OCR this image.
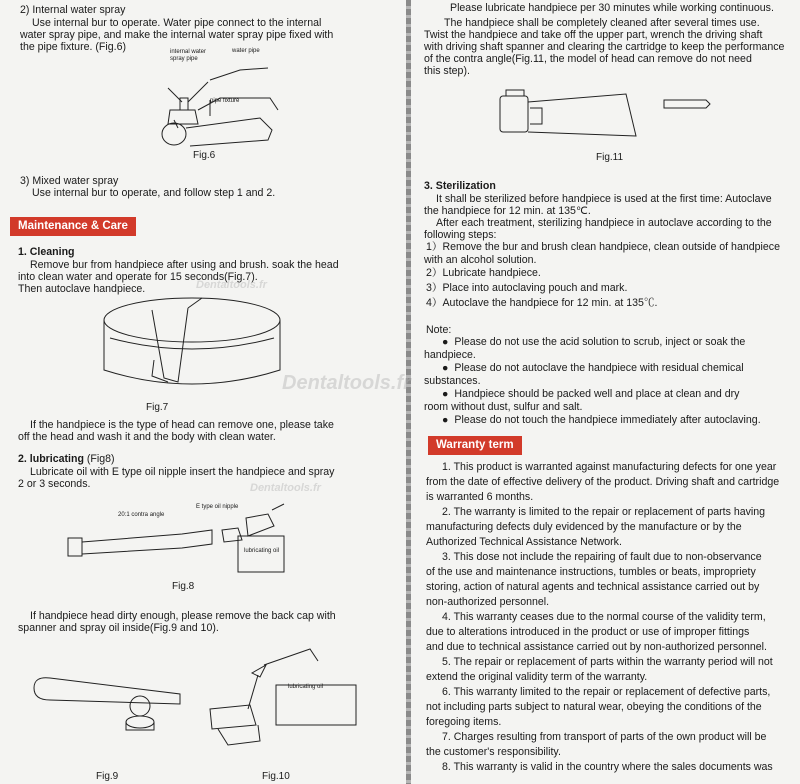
2) Internal water spray
Use internal bur to operate. Water pipe connect to the internal
water spray pipe, and make the internal water spray pipe fixed with
the pipe fixture. (Fig.6)	internal water
spray pipe
water pipe
pipe fixture
Fig.6
3) Mixed water spray
Use internal bur to operate, and follow step 1 and 2.
Maintenance & Care
1. Cleaning
Remove bur from handpiece after using and brush. soak the head
into clean water and operate for 15 seconds(Fig.7).
Then autoclave handpiece.
Fig.7
If the handpiece is the type of head can remove one, please take
off the head and wash it and the body with clean water.
2. lubricating (Fig8)
Lubricate oil with E type oil nipple insert the handpiece and spray
2 or 3 seconds.
20:1 contra angle
E type oil nipple
lubricating oil
Fig.8
If handpiece head dirty enough, please remove the back cap with
spanner and spray oil inside(Fig.9 and 10).
lubricating oil
Fig.9	Fig.10
Dentaltools.fr
Please lubricate handpiece per 30 minutes while working continuous.
The handpiece shall be completely cleaned after several times use.
Twist the handpiece and take off the upper part, wrench the driving shaft
with driving shaft spanner and clearing the cartridge to keep the performance
of the contra angle(Fig.11, the model of head can remove do not need
this step).
Fig.11
3. Sterilization
It shall be sterilized before handpiece is used at the first time: Autoclave
the handpiece for 12 min. at 135℃.
After each treatment, sterilizing handpiece in autoclave according to the
following steps:
1）Remove the bur and brush clean handpiece, clean outside of handpiece
with an alcohol solution.
2）Lubricate handpiece.
3）Place into autoclaving pouch and mark.
4）Autoclave the handpiece for 12 min. at 135℃.
Note:
● Please do not use the acid solution to scrub, inject or soak the
handpiece.
● Please do not autoclave the handpiece with residual chemical
substances.
● Handpiece should be packed well and place at clean and dry
room without dust, sulfur and salt.
● Please do not touch the handpiece immediately after autoclaving.
Warranty term
1. This product is warranted against manufacturing defects for one year
from the date of effective delivery of the product. Driving shaft and cartridge
is warranted 6 months.
2. The warranty is limited to the repair or replacement of parts having
manufacturing defects duly evidenced by the manufacture or by the
Authorized Technical Assistance Network.
3. This dose not include the repairing of fault due to non-observance
of the use and maintenance instructions, tumbles or beats, impropriety
storing, action of natural agents and technical assistance carried out by
non-authorized personnel.
4. This warranty ceases due to the normal course of the validity term,
due to alterations introduced in the product or use of improper fittings
and due to technical assistance carried out by non-authorized personnel.
5. The repair or replacement of parts within the warranty period will not
extend the original validity term of the warranty.
6. This warranty limited to the repair or replacement of defective parts,
not including parts subject to natural wear, obeying the conditions of the
foregoing items.
7. Charges resulting from transport of parts of the own product will be
the customer's responsibility.
8. This warranty is valid in the country where the sales documents was
Dentaltools.fr
Dentaltools.fr
